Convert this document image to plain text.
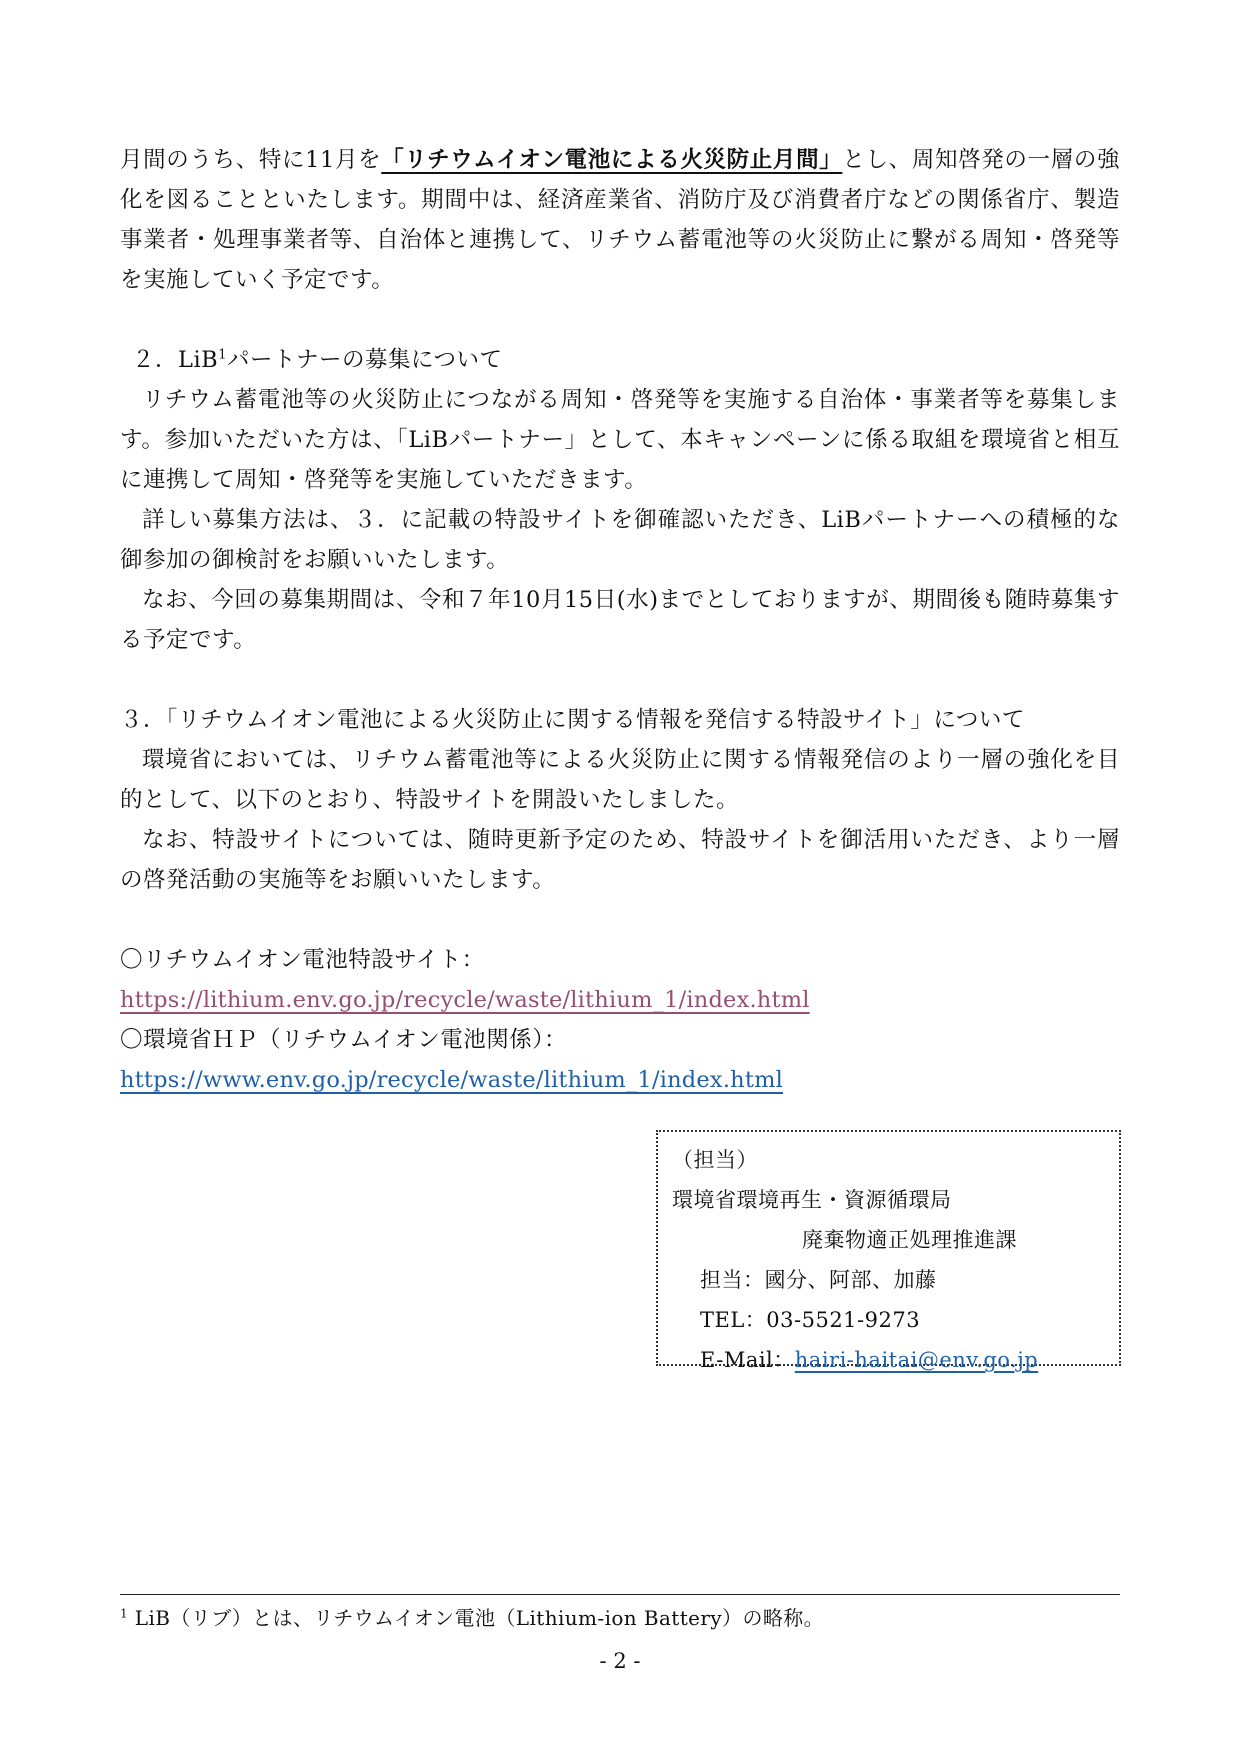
月間のうち、特に11月を「リチウムイオン電池による火災防止月間」とし、周知啓発の一層の強化を図ることといたします。期間中は、経済産業省、消防庁及び消費者庁などの関係省庁、製造事業者・処理事業者等、自治体と連携して、リチウム蓄電池等の火災防止に繋がる周知・啓発等を実施していく予定です。

２．LiB$^1$パートナーの募集について

リチウム蓄電池等の火災防止につながる周知・啓発等を実施する自治体・事業者等を募集します。参加いただいた方は、「LiBパートナー」として、本キャンペーンに係る取組を環境省と相互に連携して周知・啓発等を実施していただきます。

詳しい募集方法は、３．に記載の特設サイトを御確認いただき、LiBパートナーへの積極的な御参加の御検討をお願いいたします。

なお、今回の募集期間は、令和７年10月15日(水)までとしておりますが、期間後も随時募集する予定です。

３．「リチウムイオン電池による火災防止に関する情報を発信する特設サイト」について

環境省においては、リチウム蓄電池等による火災防止に関する情報発信のより一層の強化を目的として、以下のとおり、特設サイトを開設いたしました。

なお、特設サイトについては、随時更新予定のため、特設サイトを御活用いただき、より一層の啓発活動の実施等をお願いいたします。

〇リチウムイオン電池特設サイト：

https://lithium.env.go.jp/recycle/waste/lithium_1/index.html

〇環境省ＨＰ（リチウムイオン電池関係）：

https://www.env.go.jp/recycle/waste/lithium_1/index.html
（担当）
環境省環境再生・資源循環局
廃棄物適正処理推進課
担当：國分、阿部、加藤
TEL：03-5521-9273
E-Mail：hairi-haitai@env.go.jp
$^1$ LiB（リブ）とは、リチウムイオン電池（Lithium-ion Battery）の略称。
- 2 -
